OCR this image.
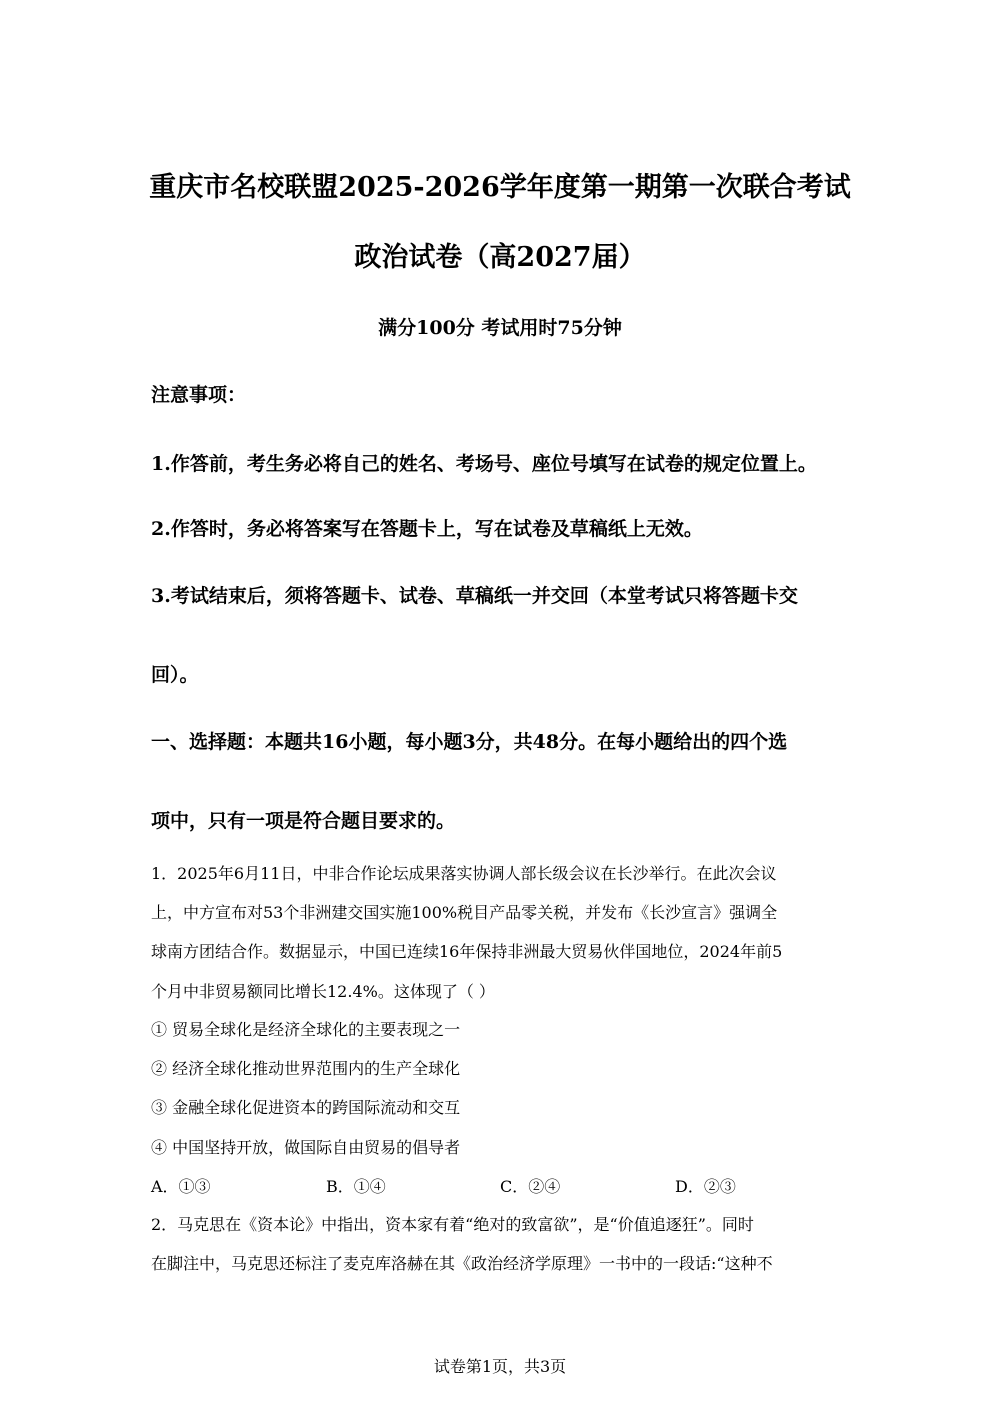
重庆市名校联盟2025-2026学年度第一期第一次联合考试
政治试卷（高2027届）
满分100分 考试用时75分钟
注意事项：
1.作答前，考生务必将自己的姓名、考场号、座位号填写在试卷的规定位置上。
2.作答时，务必将答案写在答题卡上，写在试卷及草稿纸上无效。
3.考试结束后，须将答题卡、试卷、草稿纸一并交回（本堂考试只将答题卡交
回）。
一、选择题：本题共16小题，每小题3分，共48分。在每小题给出的四个选
项中，只有一项是符合题目要求的。
1．2025年6月11日，中非合作论坛成果落实协调人部长级会议在长沙举行。在此次会议
上，中方宣布对53个非洲建交国实施100%税目产品零关税，并发布《长沙宣言》强调全
球南方团结合作。数据显示，中国已连续16年保持非洲最大贸易伙伴国地位，2024年前5
个月中非贸易额同比增长12.4%。这体现了（ ）
① 贸易全球化是经济全球化的主要表现之一
② 经济全球化推动世界范围内的生产全球化
③ 金融全球化促进资本的跨国际流动和交互
④ 中国坚持开放，做国际自由贸易的倡导者
A．①③	B．①④	C．②④	D．②③
2．马克思在《资本论》中指出，资本家有着“绝对的致富欲”，是“价值追逐狂”。同时
在脚注中，马克思还标注了麦克库洛赫在其《政治经济学原理》一书中的一段话:“这种不
试卷第1页，共3页
